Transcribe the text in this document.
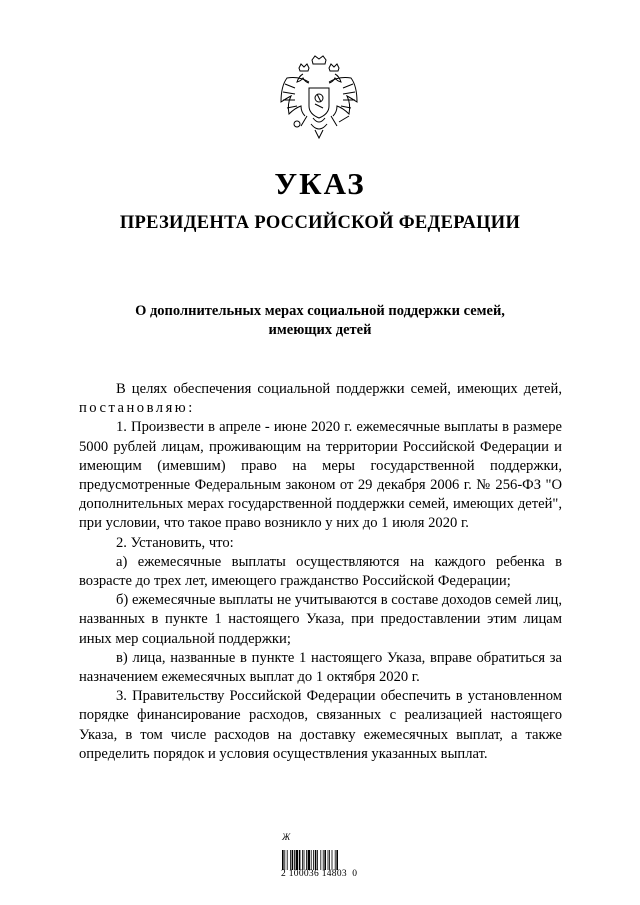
УКАЗ
ПРЕЗИДЕНТА РОССИЙСКОЙ ФЕДЕРАЦИИ
О дополнительных мерах социальной поддержки семей,
имеющих детей

В целях обеспечения социальной поддержки семей, имеющих детей, постановляю:

1. Произвести в апреле - июне 2020 г. ежемесячные выплаты в размере 5000 рублей лицам, проживающим на территории Российской Федерации и имеющим (имевшим) право на меры государственной поддержки, предусмотренные Федеральным законом от 29 декабря 2006 г. № 256-ФЗ "О дополнительных мерах государственной поддержки семей, имеющих детей", при условии, что такое право возникло у них до 1 июля 2020 г.

2. Установить, что:

а) ежемесячные выплаты осуществляются на каждого ребенка в возрасте до трех лет, имеющего гражданство Российской Федерации;

б) ежемесячные выплаты не учитываются в составе доходов семей лиц, названных в пункте 1 настоящего Указа, при предоставлении этим лицам иных мер социальной поддержки;

в) лица, названные в пункте 1 настоящего Указа, вправе обратиться за назначением ежемесячных выплат до 1 октября 2020 г.

3. Правительству Российской Федерации обеспечить в установленном порядке финансирование расходов, связанных с реализацией настоящего Указа, в том числе расходов на доставку ежемесячных выплат, а также определить порядок и условия осуществления указанных выплат.

Ж
2 100036 14803  0
